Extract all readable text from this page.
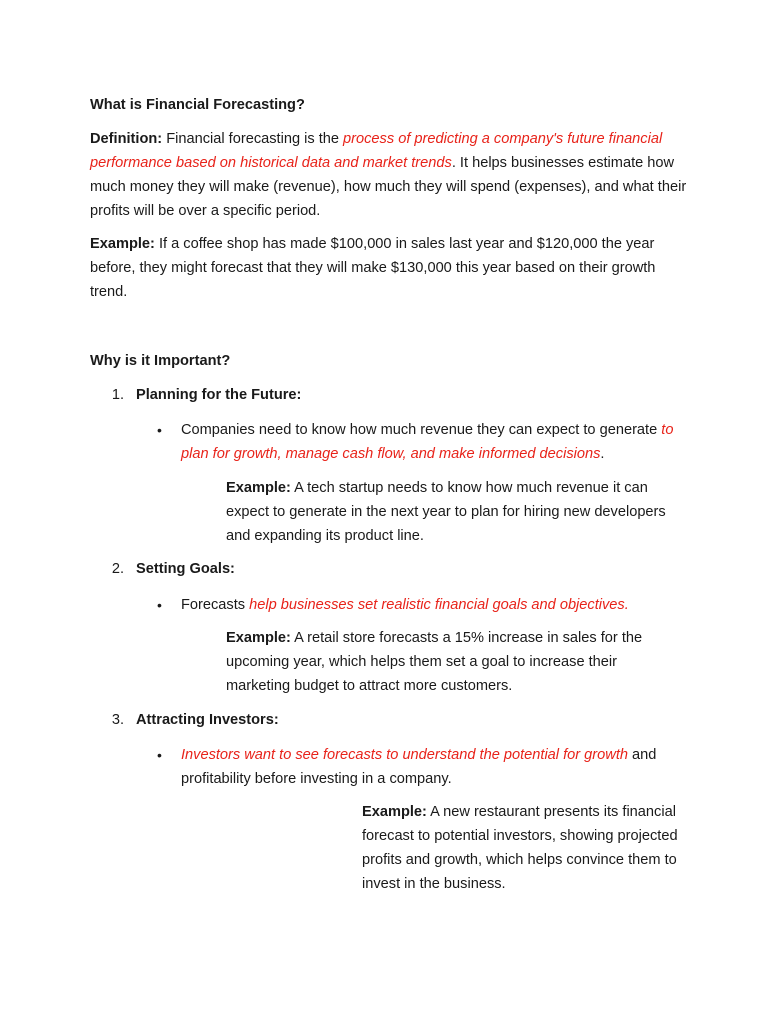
What is Financial Forecasting?

Definition: Financial forecasting is the process of predicting a company's future financial performance based on historical data and market trends. It helps businesses estimate how much money they will make (revenue), how much they will spend (expenses), and what their profits will be over a specific period.

Example: If a coffee shop has made $100,000 in sales last year and $120,000 the year before, they might forecast that they will make $130,000 this year based on their growth trend.

Why is it Important?

1. Planning for the Future:
• Companies need to know how much revenue they can expect to generate to plan for growth, manage cash flow, and make informed decisions.

Example: A tech startup needs to know how much revenue it can expect to generate in the next year to plan for hiring new developers and expanding its product line.

2. Setting Goals:
• Forecasts help businesses set realistic financial goals and objectives.

Example: A retail store forecasts a 15% increase in sales for the upcoming year, which helps them set a goal to increase their marketing budget to attract more customers.

3. Attracting Investors:
• Investors want to see forecasts to understand the potential for growth and profitability before investing in a company.

Example: A new restaurant presents its financial forecast to potential investors, showing projected profits and growth, which helps convince them to invest in the business.
